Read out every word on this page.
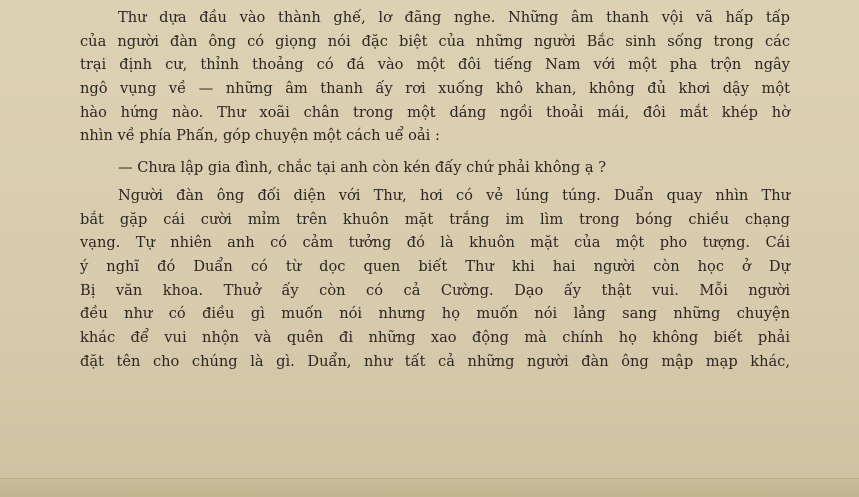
Thư dựa đầu vào thành ghế, lơ đãng nghe. Những âm thanh vội vã hấp tấp
của người đàn ông có giọng nói đặc biệt của những người Bắc sinh sống trong các
trại định cư, thỉnh thoảng có đá vào một đôi tiếng Nam với một pha trộn ngây
ngô vụng về — những âm thanh ấy rơi xuống khô khan, không đủ khơi dậy một
hào hứng nào. Thư xoãi chân trong một dáng ngồi thoải mái, đôi mắt khép hờ
nhìn về phía Phấn, góp chuyện một cách uể oải :
— Chưa lập gia đình, chắc tại anh còn kén đấy chứ phải không ạ ?
Người đàn ông đối diện với Thư, hơi có vẻ lúng túng. Duẩn quay nhìn Thư
bắt gặp cái cười mỉm trên khuôn mặt trắng im lìm trong bóng chiều chạng
vạng. Tự nhiên anh có cảm tưởng đó là khuôn mặt của một pho tượng. Cái
ý nghĩ đó Duẩn có từ dọc quen biết Thư khi hai người còn học ở Dự
Bị văn khoa. Thuở ấy còn có cả Cường. Dạo ấy thật vui. Mỗi người
đều như có điều gì muốn nói nhưng họ muốn nói lảng sang những chuyện
khác để vui nhộn và quên đi những xao động mà chính họ không biết phải
đặt tên cho chúng là gì. Duẩn, như tất cả những người đàn ông mập mạp khác,
